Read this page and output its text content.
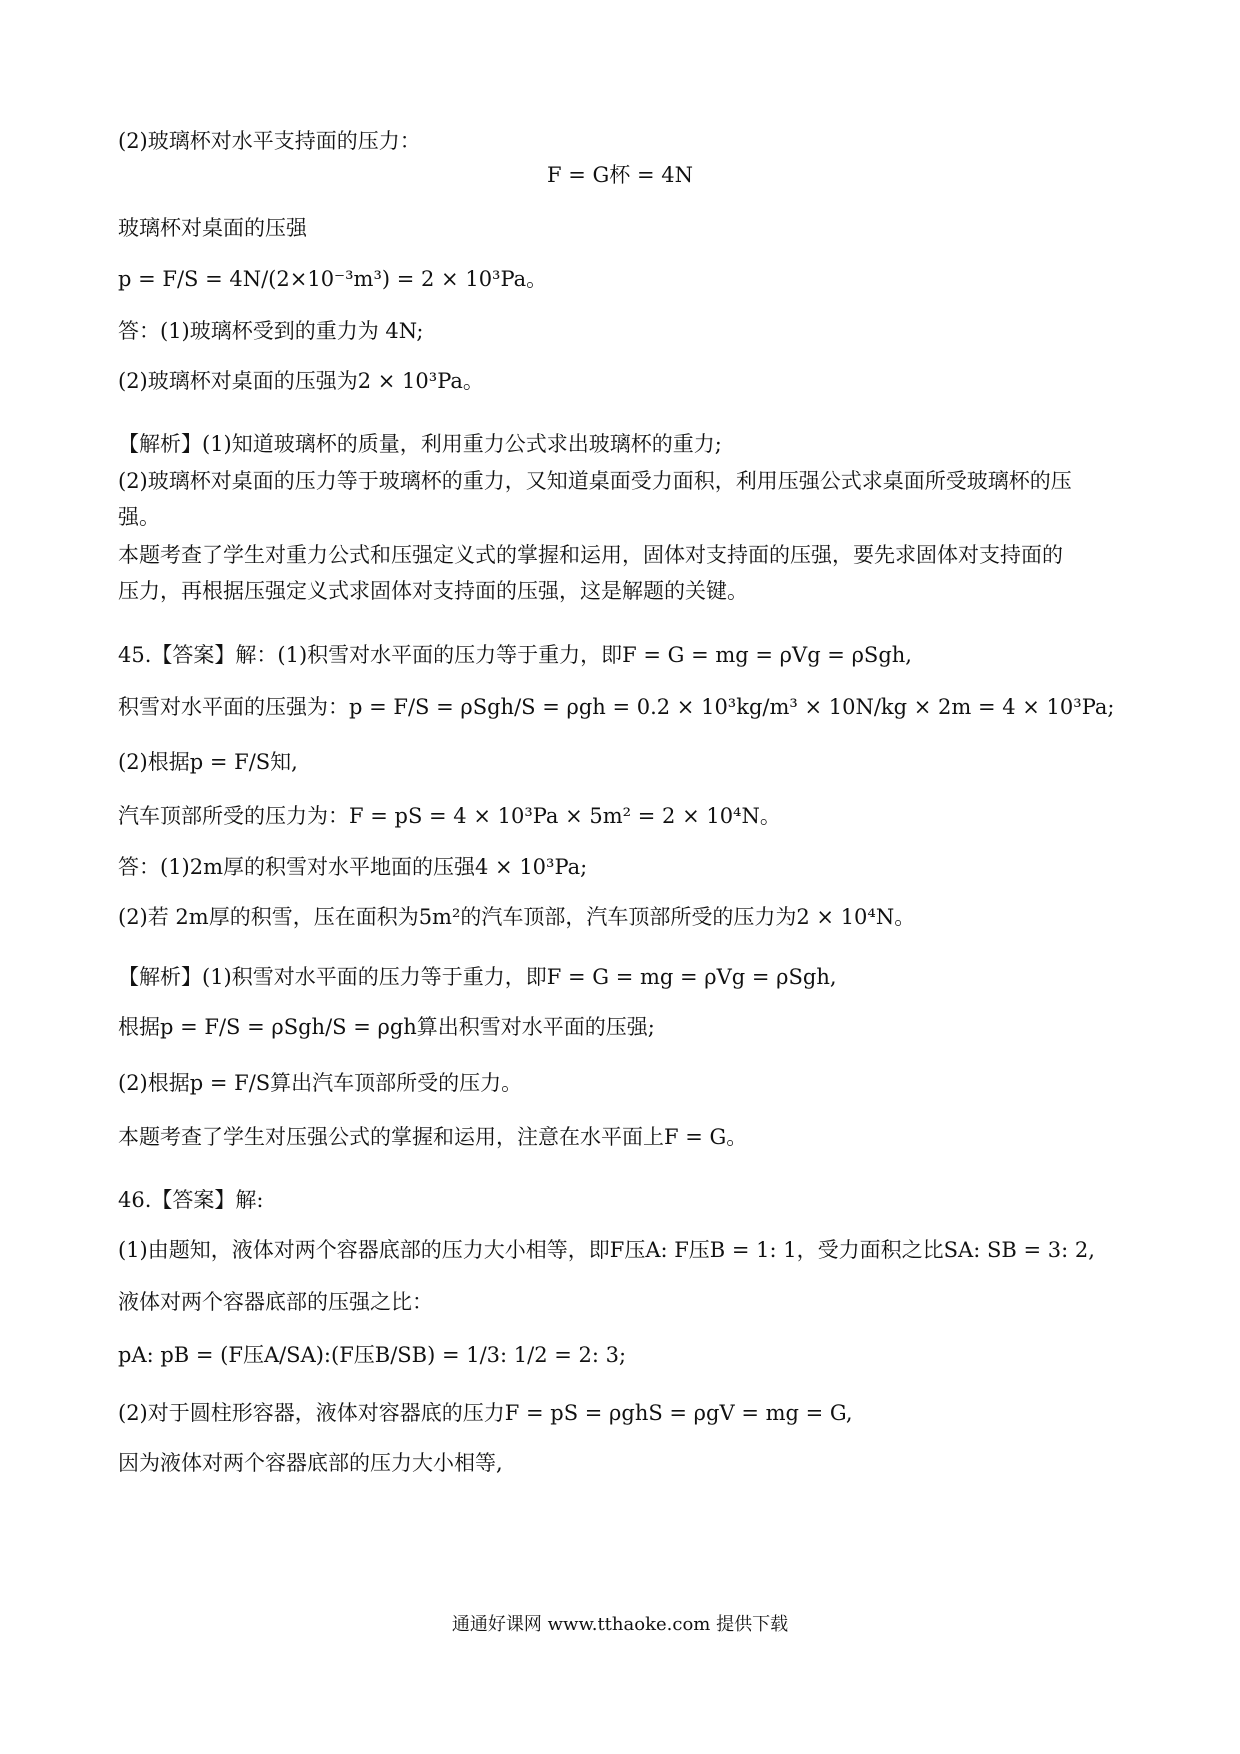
(2)玻璃杯对水平支持面的压力：
F = G杯 = 4N
玻璃杯对桌面的压强
p = F/S = 4N/(2×10⁻³m³) = 2 × 10³Pa。
答：(1)玻璃杯受到的重力为 4N;
(2)玻璃杯对桌面的压强为2 × 10³Pa。
【解析】(1)知道玻璃杯的质量，利用重力公式求出玻璃杯的重力;
(2)玻璃杯对桌面的压力等于玻璃杯的重力，又知道桌面受力面积，利用压强公式求桌面所受玻璃杯的压
强。
本题考查了学生对重力公式和压强定义式的掌握和运用，固体对支持面的压强，要先求固体对支持面的
压力，再根据压强定义式求固体对支持面的压强，这是解题的关键。
45.【答案】解：(1)积雪对水平面的压力等于重力，即F = G = mg = ρVg = ρSgh,
积雪对水平面的压强为：p = F/S = ρSgh/S = ρgh = 0.2 × 10³kg/m³ × 10N/kg × 2m = 4 × 10³Pa;
(2)根据p = F/S知,
汽车顶部所受的压力为：F = pS = 4 × 10³Pa × 5m² = 2 × 10⁴N。
答：(1)2m厚的积雪对水平地面的压强4 × 10³Pa;
(2)若 2m厚的积雪，压在面积为5m²的汽车顶部，汽车顶部所受的压力为2 × 10⁴N。
【解析】(1)积雪对水平面的压力等于重力，即F = G = mg = ρVg = ρSgh,
根据p = F/S = ρSgh/S = ρgh算出积雪对水平面的压强;
(2)根据p = F/S算出汽车顶部所受的压力。
本题考查了学生对压强公式的掌握和运用，注意在水平面上F = G。
46.【答案】解:
(1)由题知，液体对两个容器底部的压力大小相等，即F压A: F压B = 1: 1，受力面积之比SA: SB = 3: 2,
液体对两个容器底部的压强之比：
pA: pB = (F压A/SA):(F压B/SB) = 1/3: 1/2 = 2: 3;
(2)对于圆柱形容器，液体对容器底的压力F = pS = ρghS = ρgV = mg = G,
因为液体对两个容器底部的压力大小相等,
通通好课网 www.tthaoke.com 提供下载
